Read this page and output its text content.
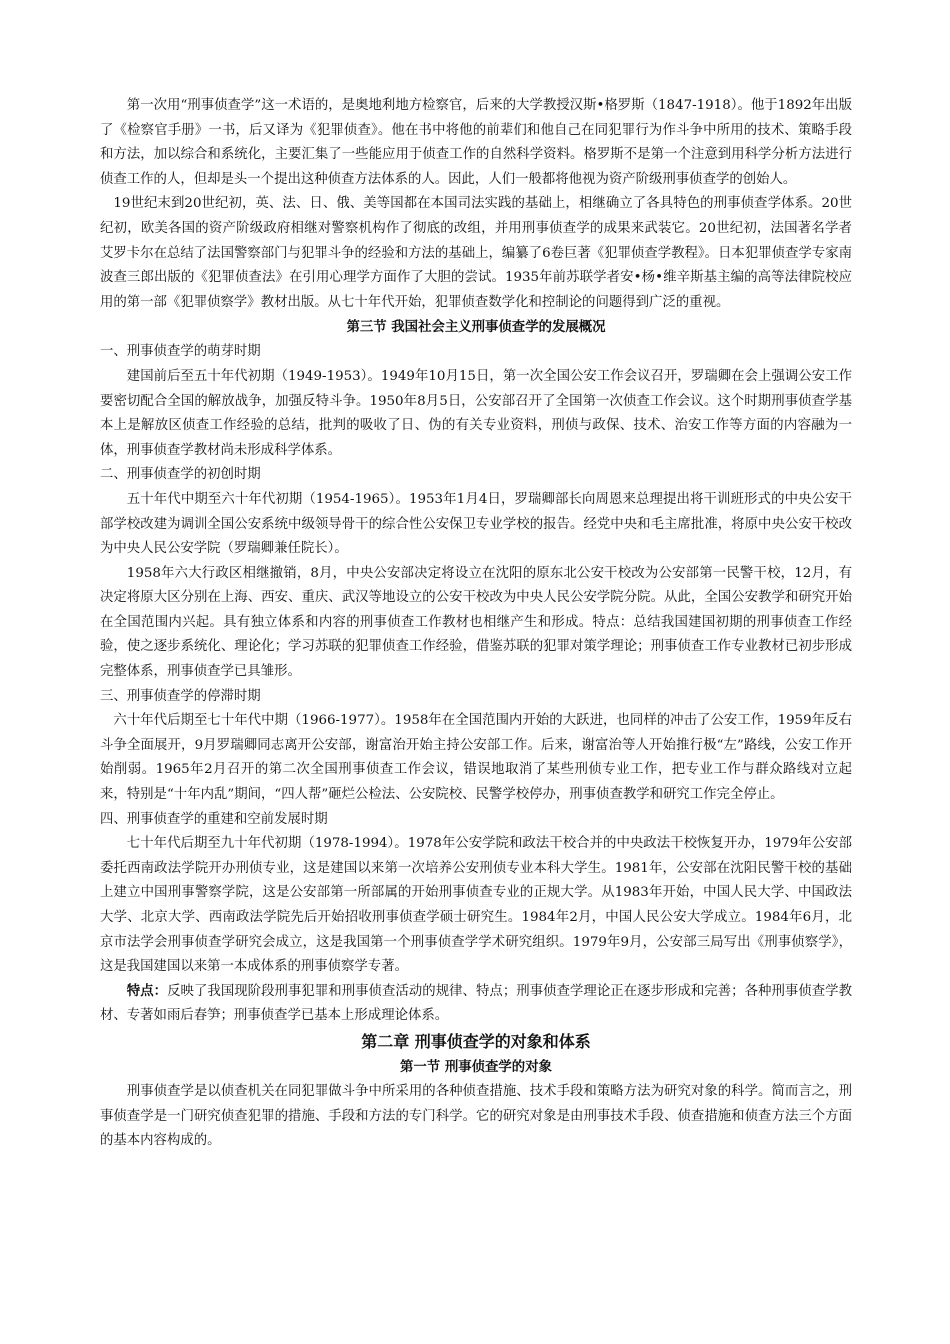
第一次用“刑事侦查学”这一术语的，是奥地利地方检察官，后来的大学教授汉斯•格罗斯（1847-1918）。他于1892年出版了《检察官手册》一书，后又译为《犯罪侦查》。他在书中将他的前辈们和他自己在同犯罪行为作斗争中所用的技术、策略手段和方法，加以综合和系统化，主要汇集了一些能应用于侦查工作的自然科学资料。格罗斯不是第一个注意到用科学分析方法进行侦查工作的人，但却是头一个提出这种侦查方法体系的人。因此，人们一般都将他视为资产阶级刑事侦查学的创始人。

19世纪末到20世纪初，英、法、日、俄、美等国都在本国司法实践的基础上，相继确立了各具特色的刑事侦查学体系。20世纪初，欧美各国的资产阶级政府相继对警察机构作了彻底的改组，并用刑事侦查学的成果来武装它。20世纪初，法国著名学者艾罗卡尔在总结了法国警察部门与犯罪斗争的经验和方法的基础上，编纂了6卷巨著《犯罪侦查学教程》。日本犯罪侦查学专家南波查三郎出版的《犯罪侦查法》在引用心理学方面作了大胆的尝试。1935年前苏联学者安•杨•维辛斯基主编的高等法律院校应用的第一部《犯罪侦察学》教材出版。从七十年代开始，犯罪侦查数学化和控制论的问题得到广泛的重视。

第三节 我国社会主义刑事侦查学的发展概况

一、刑事侦查学的萌芽时期

建国前后至五十年代初期（1949-1953）。1949年10月15日，第一次全国公安工作会议召开，罗瑞卿在会上强调公安工作要密切配合全国的解放战争，加强反特斗争。1950年8月5日，公安部召开了全国第一次侦查工作会议。这个时期刑事侦查学基本上是解放区侦查工作经验的总结，批判的吸收了日、伪的有关专业资料，刑侦与政保、技术、治安工作等方面的内容融为一体，刑事侦查学教材尚未形成科学体系。

二、刑事侦查学的初创时期

五十年代中期至六十年代初期（1954-1965）。1953年1月4日，罗瑞卿部长向周恩来总理提出将干训班形式的中央公安干部学校改建为调训全国公安系统中级领导骨干的综合性公安保卫专业学校的报告。经党中央和毛主席批准，将原中央公安干校改为中央人民公安学院（罗瑞卿兼任院长）。

1958年六大行政区相继撤销，8月，中央公安部决定将设立在沈阳的原东北公安干校改为公安部第一民警干校，12月，有决定将原大区分别在上海、西安、重庆、武汉等地设立的公安干校改为中央人民公安学院分院。从此，全国公安教学和研究开始在全国范围内兴起。具有独立体系和内容的刑事侦查工作教材也相继产生和形成。特点：总结我国建国初期的刑事侦查工作经验，使之逐步系统化、理论化；学习苏联的犯罪侦查工作经验，借鉴苏联的犯罪对策学理论；刑事侦查工作专业教材已初步形成完整体系，刑事侦查学已具雏形。

三、刑事侦查学的停滞时期

六十年代后期至七十年代中期（1966-1977）。1958年在全国范围内开始的大跃进，也同样的冲击了公安工作，1959年反右斗争全面展开，9月罗瑞卿同志离开公安部，谢富治开始主持公安部工作。后来，谢富治等人开始推行极“左”路线，公安工作开始削弱。1965年2月召开的第二次全国刑事侦查工作会议，错误地取消了某些刑侦专业工作，把专业工作与群众路线对立起来，特别是“十年内乱”期间，“四人帮”砸烂公检法、公安院校、民警学校停办，刑事侦查教学和研究工作完全停止。

四、刑事侦查学的重建和空前发展时期

七十年代后期至九十年代初期（1978-1994）。1978年公安学院和政法干校合并的中央政法干校恢复开办，1979年公安部委托西南政法学院开办刑侦专业，这是建国以来第一次培养公安刑侦专业本科大学生。1981年，公安部在沈阳民警干校的基础上建立中国刑事警察学院，这是公安部第一所部属的开始刑事侦查专业的正规大学。从1983年开始，中国人民大学、中国政法大学、北京大学、西南政法学院先后开始招收刑事侦查学硕士研究生。1984年2月，中国人民公安大学成立。1984年6月，北京市法学会刑事侦查学研究会成立，这是我国第一个刑事侦查学学术研究组织。1979年9月，公安部三局写出《刑事侦察学》，这是我国建国以来第一本成体系的刑事侦察学专著。

特点：反映了我国现阶段刑事犯罪和刑事侦查活动的规律、特点；刑事侦查学理论正在逐步形成和完善；各种刑事侦查学教材、专著如雨后春笋；刑事侦查学已基本上形成理论体系。

第二章 刑事侦查学的对象和体系

第一节 刑事侦查学的对象

刑事侦查学是以侦查机关在同犯罪做斗争中所采用的各种侦查措施、技术手段和策略方法为研究对象的科学。简而言之，刑事侦查学是一门研究侦查犯罪的措施、手段和方法的专门科学。它的研究对象是由刑事技术手段、侦查措施和侦查方法三个方面的基本内容构成的。
